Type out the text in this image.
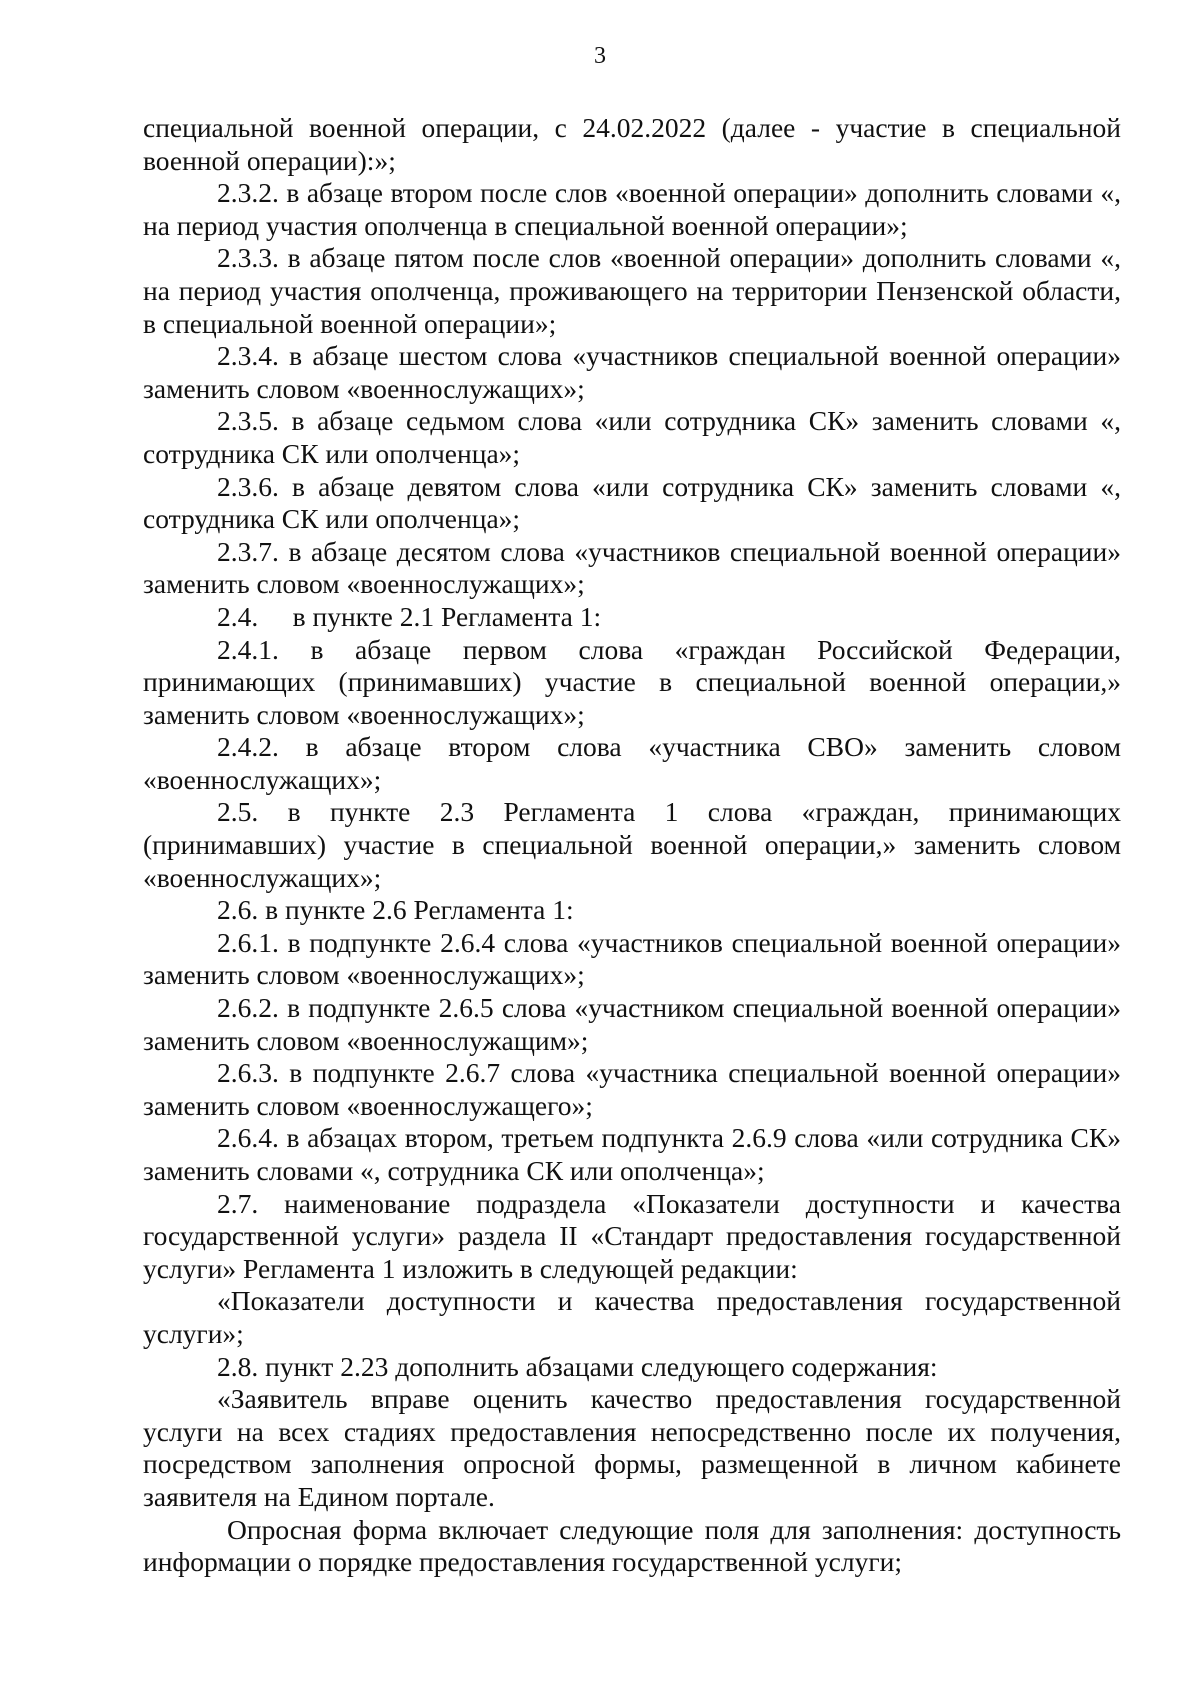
3

специальной военной операции, с 24.02.2022 (далее - участие в специальной военной операции):»;

2.3.2. в абзаце втором после слов «военной операции» дополнить словами «, на период участия ополченца в специальной военной операции»;

2.3.3. в абзаце пятом после слов «военной операции» дополнить словами «, на период участия ополченца, проживающего на территории Пензенской области, в специальной военной операции»;

2.3.4. в абзаце шестом слова «участников специальной военной операции» заменить словом «военнослужащих»;

2.3.5. в абзаце седьмом слова «или сотрудника СК» заменить словами «, сотрудника СК или ополченца»;

2.3.6. в абзаце девятом слова «или сотрудника СК» заменить словами «, сотрудника СК или ополченца»;

2.3.7. в абзаце десятом слова «участников специальной военной операции» заменить словом «военнослужащих»;

2.4.  в пункте 2.1 Регламента 1:

2.4.1. в абзаце первом слова «граждан Российской Федерации, принимающих (принимавших) участие в специальной военной операции,» заменить словом «военнослужащих»;

2.4.2. в абзаце втором слова «участника СВО» заменить словом «военнослужащих»;

2.5. в пункте 2.3 Регламента 1 слова «граждан, принимающих (принимавших) участие в специальной военной операции,» заменить словом «военнослужащих»;

2.6. в пункте 2.6 Регламента 1:

2.6.1. в подпункте 2.6.4 слова «участников специальной военной операции» заменить словом «военнослужащих»;

2.6.2. в подпункте 2.6.5 слова «участником специальной военной операции» заменить словом «военнослужащим»;

2.6.3. в подпункте 2.6.7 слова «участника специальной военной операции» заменить словом «военнослужащего»;

2.6.4. в абзацах втором, третьем подпункта 2.6.9 слова «или сотрудника СК» заменить словами «, сотрудника СК или ополченца»;

2.7. наименование подраздела «Показатели доступности и качества государственной услуги» раздела II «Стандарт предоставления государственной услуги» Регламента 1 изложить в следующей редакции:

«Показатели доступности и качества предоставления государственной услуги»;

2.8. пункт 2.23 дополнить абзацами следующего содержания:

«Заявитель вправе оценить качество предоставления государственной услуги на всех стадиях предоставления непосредственно после их получения, посредством заполнения опросной формы, размещенной в личном кабинете заявителя на Едином портале.

Опросная форма включает следующие поля для заполнения: доступность информации о порядке предоставления государственной услуги;
